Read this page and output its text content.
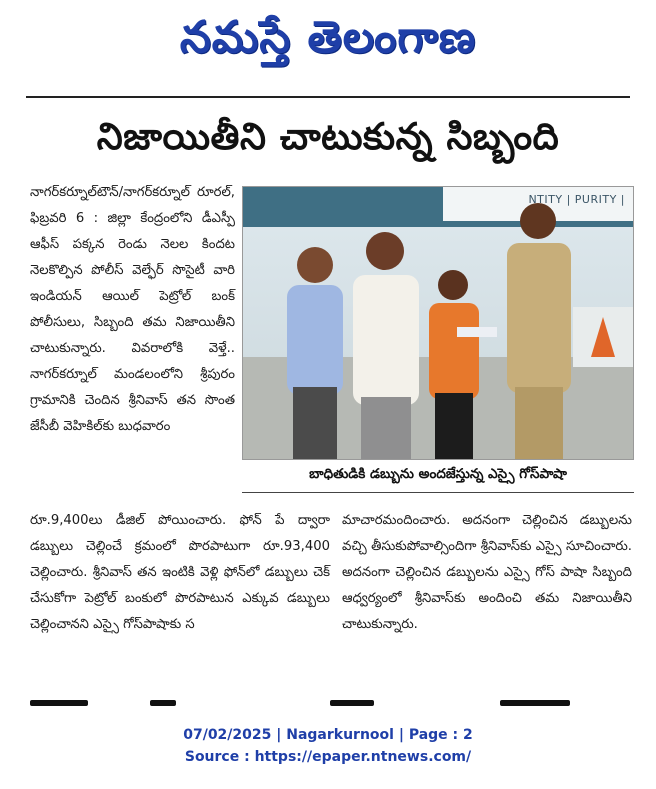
నమస్తే తెలంగాణ
నిజాయితీని చాటుకున్న సిబ్బంది

నాగర్‌కర్నూల్‌టౌన్‌/నాగర్‌కర్నూల్‌ రూరల్‌, ఫిబ్రవరి 6 : జిల్లా కేంద్రంలోని డీఎస్పీ ఆఫీస్‌ పక్కన రెండు నెలల కిందట నెలకొల్పిన పోలీస్‌ వెల్ఫేర్‌ సొసైటీ వారి ఇండియన్‌ ఆయిల్‌ పెట్రోల్‌ బంక్‌ పోలీసులు, సిబ్బంది తమ నిజాయితీని చాటుకున్నారు. వివరాలోకి వెళ్తే.. నాగర్‌కర్నూల్‌ మండలంలోని శ్రీపురం గ్రామానికి చెందిన శ్రీనివాస్‌ తన సొంత జేసీబీ వెహికిల్‌కు బుధవారం

NTITY | PURITY |
బాధితుడికి డబ్బును అందజేస్తున్న ఎస్సై గోస్‌పాషా

రూ.9,400లు డీజిల్‌ పోయించారు. ఫోన్‌ పే ద్వారా డబ్బులు చెల్లించే క్రమంలో పొరపాటుగా రూ.93,400 చెల్లించారు. శ్రీనివాస్‌ తన ఇంటికి వెళ్లి ఫోన్‌లో డబ్బులు చెక్‌ చేసుకోగా పెట్రోల్‌ బంకులో పొరపాటున ఎక్కువ డబ్బులు చెల్లించానని ఎస్సై గోస్‌పాషాకు స

మాచారమందించారు. అదనంగా చెల్లించిన డబ్బులను వచ్చి తీసుకుపోవాల్సిందిగా శ్రీనివాస్‌కు ఎస్సై సూచించారు. అదనంగా చెల్లించిన డబ్బులను ఎస్సై గోస్‌ పాషా సిబ్బంది ఆధ్వర్యంలో శ్రీనివాస్‌కు అందించి తమ నిజాయితీని చాటుకున్నారు.

07/02/2025 | Nagarkurnool | Page : 2
Source : https://epaper.ntnews.com/
